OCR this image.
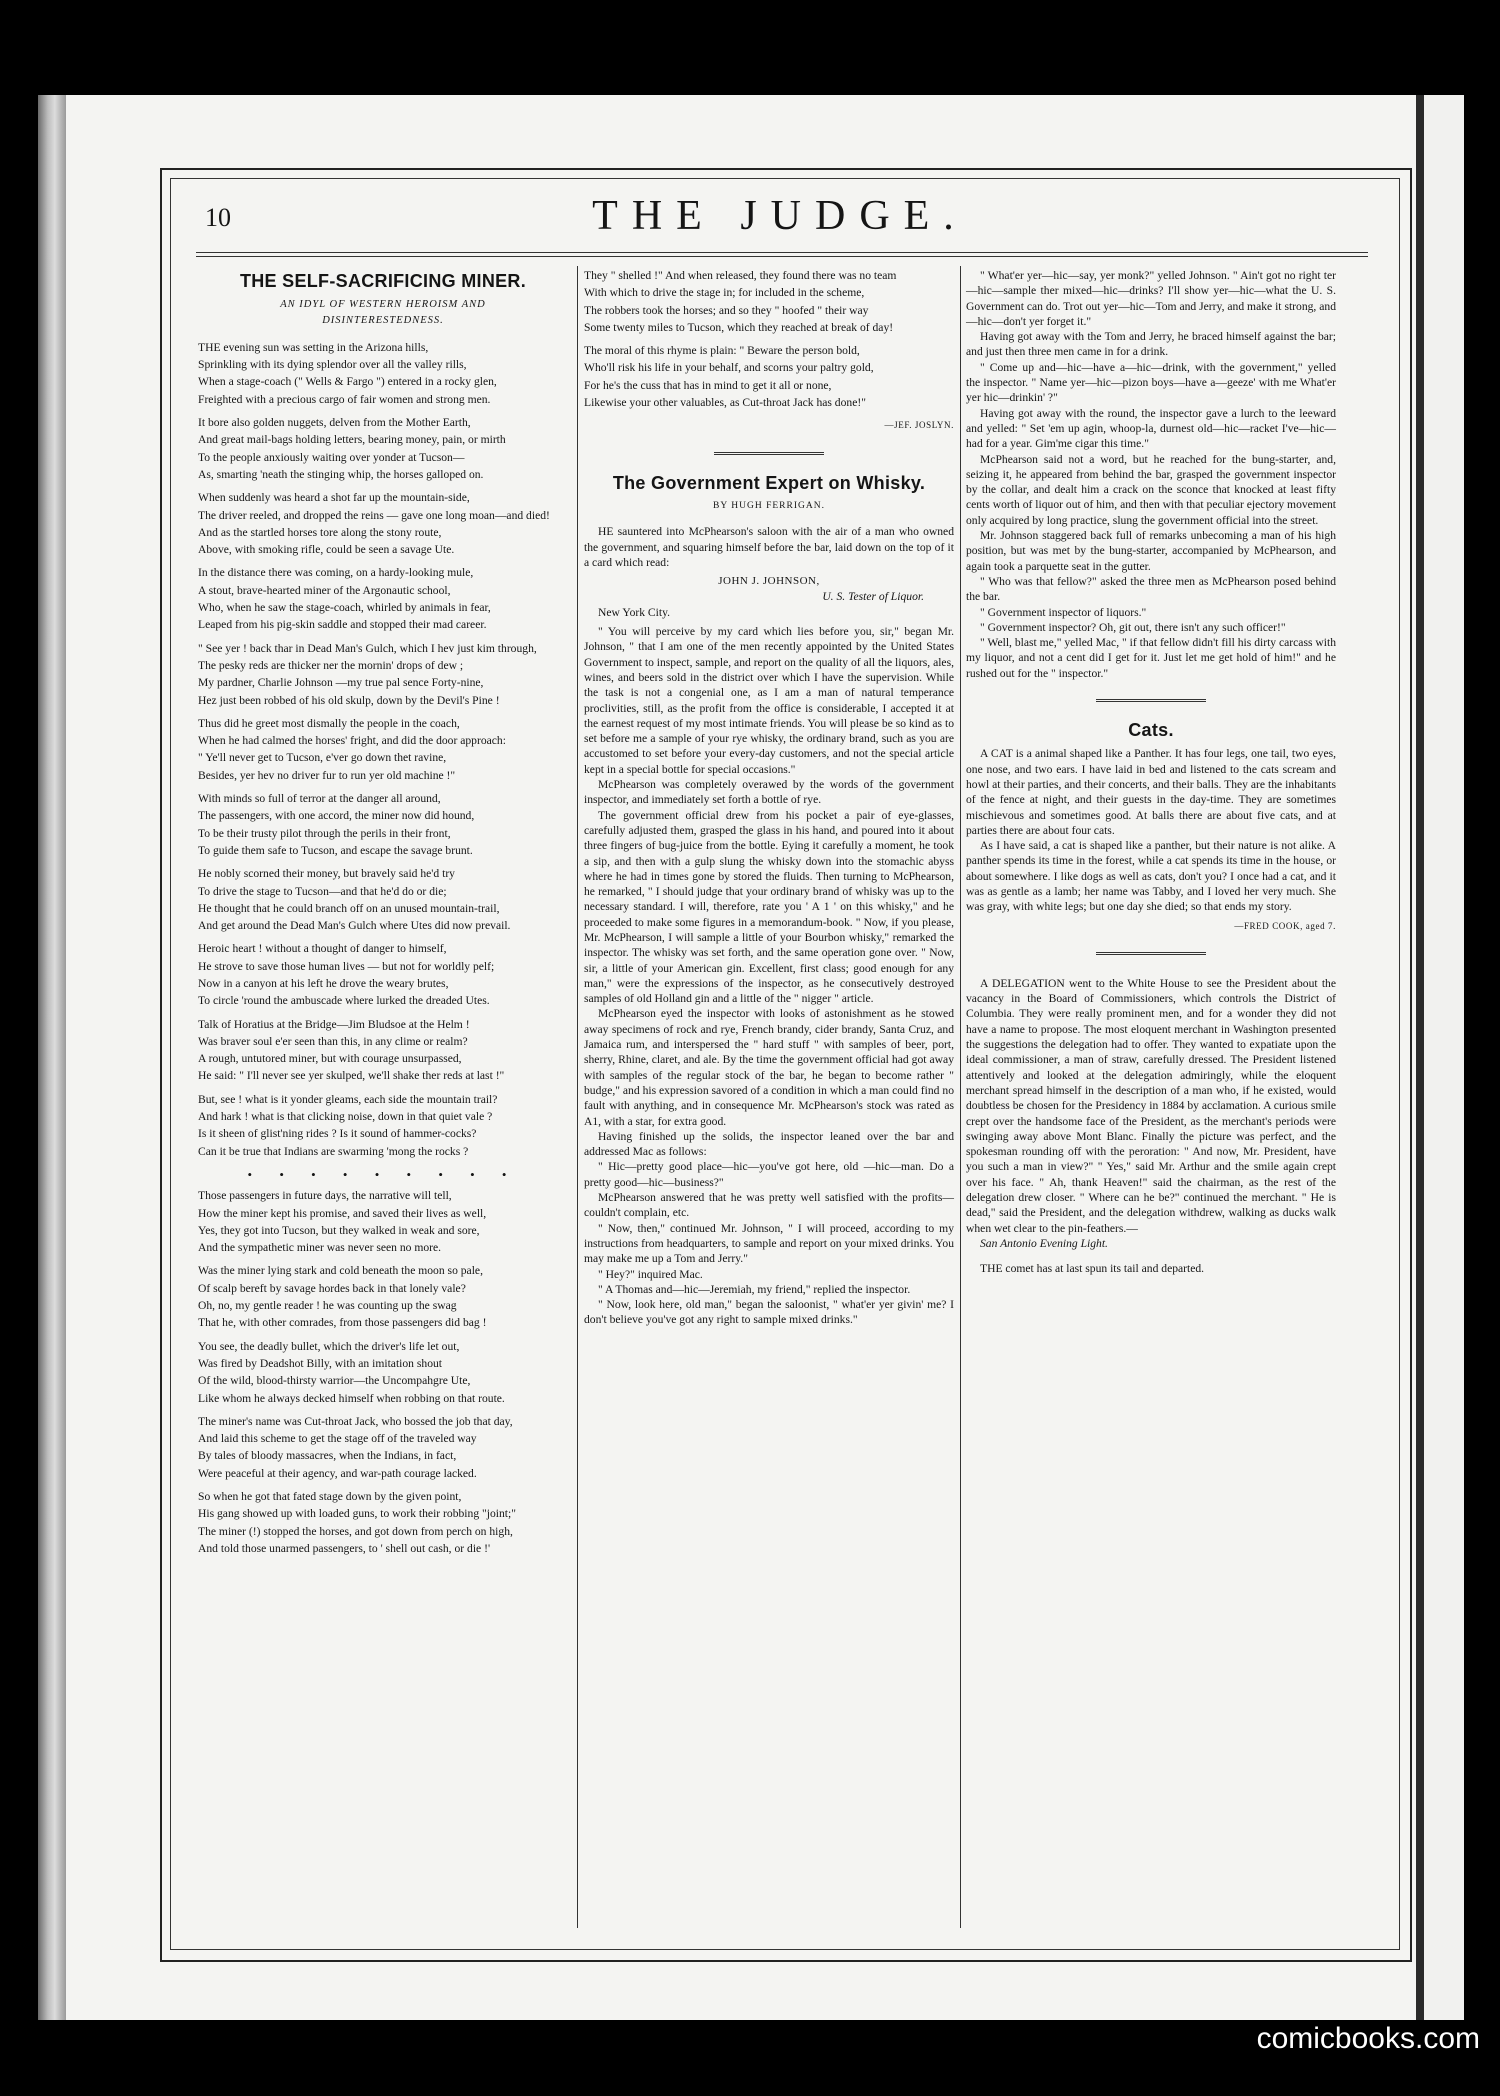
10	THE JUDGE.
THE SELF-SACRIFICING MINER.
AN IDYL OF WESTERN HEROISM AND DISINTERESTEDNESS.

THE evening sun was setting in the Arizona hills,

Sprinkling with its dying splendor over all the valley rills,

When a stage-coach (" Wells & Fargo ") entered in a rocky glen,

Freighted with a precious cargo of fair women and strong men.

It bore also golden nuggets, delven from the Mother Earth,

And great mail-bags holding letters, bearing money, pain, or mirth

To the people anxiously waiting over yonder at Tucson—

As, smarting 'neath the stinging whip, the horses galloped on.

When suddenly was heard a shot far up the mountain-side,

The driver reeled, and dropped the reins — gave one long moan—and died!

And as the startled horses tore along the stony route,

Above, with smoking rifle, could be seen a savage Ute.

In the distance there was coming, on a hardy-looking mule,

A stout, brave-hearted miner of the Argonautic school,

Who, when he saw the stage-coach, whirled by animals in fear,

Leaped from his pig-skin saddle and stopped their mad career.

" See yer ! back thar in Dead Man's Gulch, which I hev just kim through,

The pesky reds are thicker ner the mornin' drops of dew ;

My pardner, Charlie Johnson —my true pal sence Forty-nine,

Hez just been robbed of his old skulp, down by the Devil's Pine !

Thus did he greet most dismally the people in the coach,

When he had calmed the horses' fright, and did the door approach:

" Ye'll never get to Tucson, e'ver go down thet ravine,

Besides, yer hev no driver fur to run yer old machine !"

With minds so full of terror at the danger all around,

The passengers, with one accord, the miner now did hound,

To be their trusty pilot through the perils in their front,

To guide them safe to Tucson, and escape the savage brunt.

He nobly scorned their money, but bravely said he'd try

To drive the stage to Tucson—and that he'd do or die;

He thought that he could branch off on an unused mountain-trail,

And get around the Dead Man's Gulch where Utes did now prevail.

Heroic heart ! without a thought of danger to himself,

He strove to save those human lives — but not for worldly pelf;

Now in a canyon at his left he drove the weary brutes,

To circle 'round the ambuscade where lurked the dreaded Utes.

Talk of Horatius at the Bridge—Jim Bludsoe at the Helm !

Was braver soul e'er seen than this, in any clime or realm?

A rough, untutored miner, but with courage unsurpassed,

He said: " I'll never see yer skulped, we'll shake ther reds at last !"

But, see ! what is it yonder gleams, each side the mountain trail?

And hark ! what is that clicking noise, down in that quiet vale ?

Is it sheen of glist'ning rides ? Is it sound of hammer-cocks?

Can it be true that Indians are swarming 'mong the rocks ?

• • • • • • • • •

Those passengers in future days, the narrative will tell,

How the miner kept his promise, and saved their lives as well,

Yes, they got into Tucson, but they walked in weak and sore,

And the sympathetic miner was never seen no more.

Was the miner lying stark and cold beneath the moon so pale,

Of scalp bereft by savage hordes back in that lonely vale?

Oh, no, my gentle reader ! he was counting up the swag

That he, with other comrades, from those passengers did bag !

You see, the deadly bullet, which the driver's life let out,

Was fired by Deadshot Billy, with an imitation shout

Of the wild, blood-thirsty warrior—the Uncompahgre Ute,

Like whom he always decked himself when robbing on that route.

The miner's name was Cut-throat Jack, who bossed the job that day,

And laid this scheme to get the stage off of the traveled way

By tales of bloody massacres, when the Indians, in fact,

Were peaceful at their agency, and war-path courage lacked.

So when he got that fated stage down by the given point,

His gang showed up with loaded guns, to work their robbing "joint;"

The miner (!) stopped the horses, and got down from perch on high,

And told those unarmed passengers, to ' shell out cash, or die !'

They " shelled !" And when released, they found there was no team

With which to drive the stage in; for included in the scheme,

The robbers took the horses; and so they " hoofed " their way

Some twenty miles to Tucson, which they reached at break of day!

The moral of this rhyme is plain: " Beware the person bold,

Who'll risk his life in your behalf, and scorns your paltry gold,

For he's the cuss that has in mind to get it all or none,

Likewise your other valuables, as Cut-throat Jack has done!"

—JEF. JOSLYN.
The Government Expert on Whisky.
BY HUGH FERRIGAN.

HE sauntered into McPhearson's saloon with the air of a man who owned the government, and squaring himself before the bar, laid down on the top of it a card which read:

JOHN J. JOHNSON,
U. S. Tester of Liquor.
New York City.

" You will perceive by my card which lies before you, sir," began Mr. Johnson, " that I am one of the men recently appointed by the United States Government to inspect, sample, and report on the quality of all the liquors, ales, wines, and beers sold in the district over which I have the supervision. While the task is not a congenial one, as I am a man of natural temperance proclivities, still, as the profit from the office is considerable, I accepted it at the earnest request of my most intimate friends. You will please be so kind as to set before me a sample of your rye whisky, the ordinary brand, such as you are accustomed to set before your every-day customers, and not the special article kept in a special bottle for special occasions."

McPhearson was completely overawed by the words of the government inspector, and immediately set forth a bottle of rye.

The government official drew from his pocket a pair of eye-glasses, carefully adjusted them, grasped the glass in his hand, and poured into it about three fingers of bug-juice from the bottle. Eying it carefully a moment, he took a sip, and then with a gulp slung the whisky down into the stomachic abyss where he had in times gone by stored the fluids. Then turning to McPhearson, he remarked, " I should judge that your ordinary brand of whisky was up to the necessary standard. I will, therefore, rate you ' A 1 ' on this whisky," and he proceeded to make some figures in a memorandum-book. " Now, if you please, Mr. McPhearson, I will sample a little of your Bourbon whisky," remarked the inspector. The whisky was set forth, and the same operation gone over. " Now, sir, a little of your American gin. Excellent, first class; good enough for any man," were the expressions of the inspector, as he consecutively destroyed samples of old Holland gin and a little of the " nigger " article.

McPhearson eyed the inspector with looks of astonishment as he stowed away specimens of rock and rye, French brandy, cider brandy, Santa Cruz, and Jamaica rum, and interspersed the " hard stuff " with samples of beer, port, sherry, Rhine, claret, and ale. By the time the government official had got away with samples of the regular stock of the bar, he began to become rather " budge," and his expression savored of a condition in which a man could find no fault with anything, and in consequence Mr. McPhearson's stock was rated as A1, with a star, for extra good.

Having finished up the solids, the inspector leaned over the bar and addressed Mac as follows:

" Hic—pretty good place—hic—you've got here, old —hic—man. Do a pretty good—hic—business?"

McPhearson answered that he was pretty well satisfied with the profits—couldn't complain, etc.

" Now, then," continued Mr. Johnson, " I will proceed, according to my instructions from headquarters, to sample and report on your mixed drinks. You may make me up a Tom and Jerry."

" Hey?" inquired Mac.

" A Thomas and—hic—Jeremiah, my friend," replied the inspector.

" Now, look here, old man," began the saloonist, " what'er yer givin' me? I don't believe you've got any right to sample mixed drinks."

" What'er yer—hic—say, yer monk?" yelled Johnson. " Ain't got no right ter—hic—sample ther mixed—hic—drinks? I'll show yer—hic—what the U. S. Government can do. Trot out yer—hic—Tom and Jerry, and make it strong, and—hic—don't yer forget it."

Having got away with the Tom and Jerry, he braced himself against the bar; and just then three men came in for a drink.

" Come up and—hic—have a—hic—drink, with the government," yelled the inspector. " Name yer—hic—pizon boys—have a—geeze' with me What'er yer hic—drinkin' ?"

Having got away with the round, the inspector gave a lurch to the leeward and yelled: " Set 'em up agin, whoop-la, durnest old—hic—racket I've—hic—had for a year. Gim'me cigar this time."

McPhearson said not a word, but he reached for the bung-starter, and, seizing it, he appeared from behind the bar, grasped the government inspector by the collar, and dealt him a crack on the sconce that knocked at least fifty cents worth of liquor out of him, and then with that peculiar ejectory movement only acquired by long practice, slung the government official into the street.

Mr. Johnson staggered back full of remarks unbecoming a man of his high position, but was met by the bung-starter, accompanied by McPhearson, and again took a parquette seat in the gutter.

" Who was that fellow?" asked the three men as McPhearson posed behind the bar.

" Government inspector of liquors."

" Government inspector? Oh, git out, there isn't any such officer!"

" Well, blast me," yelled Mac, " if that fellow didn't fill his dirty carcass with my liquor, and not a cent did I get for it. Just let me get hold of him!" and he rushed out for the " inspector."

Cats.

A CAT is a animal shaped like a Panther. It has four legs, one tail, two eyes, one nose, and two ears. I have laid in bed and listened to the cats scream and howl at their parties, and their concerts, and their balls. They are the inhabitants of the fence at night, and their guests in the day-time. They are sometimes mischievous and sometimes good. At balls there are about five cats, and at parties there are about four cats.

As I have said, a cat is shaped like a panther, but their nature is not alike. A panther spends its time in the forest, while a cat spends its time in the house, or about somewhere. I like dogs as well as cats, don't you? I once had a cat, and it was as gentle as a lamb; her name was Tabby, and I loved her very much. She was gray, with white legs; but one day she died; so that ends my story.

—FRED COOK, aged 7.

A DELEGATION went to the White House to see the President about the vacancy in the Board of Commissioners, which controls the District of Columbia. They were really prominent men, and for a wonder they did not have a name to propose. The most eloquent merchant in Washington presented the suggestions the delegation had to offer. They wanted to expatiate upon the ideal commissioner, a man of straw, carefully dressed. The President listened attentively and looked at the delegation admiringly, while the eloquent merchant spread himself in the description of a man who, if he existed, would doubtless be chosen for the Presidency in 1884 by acclamation. A curious smile crept over the handsome face of the President, as the merchant's periods were swinging away above Mont Blanc. Finally the picture was perfect, and the spokesman rounding off with the peroration: " And now, Mr. President, have you such a man in view?" " Yes," said Mr. Arthur and the smile again crept over his face. " Ah, thank Heaven!" said the chairman, as the rest of the delegation drew closer. " Where can he be?" continued the merchant. " He is dead," said the President, and the delegation withdrew, walking as ducks walk when wet clear to the pin-feathers.—

San Antonio Evening Light.

THE comet has at last spun its tail and departed.

comicbooks.com
